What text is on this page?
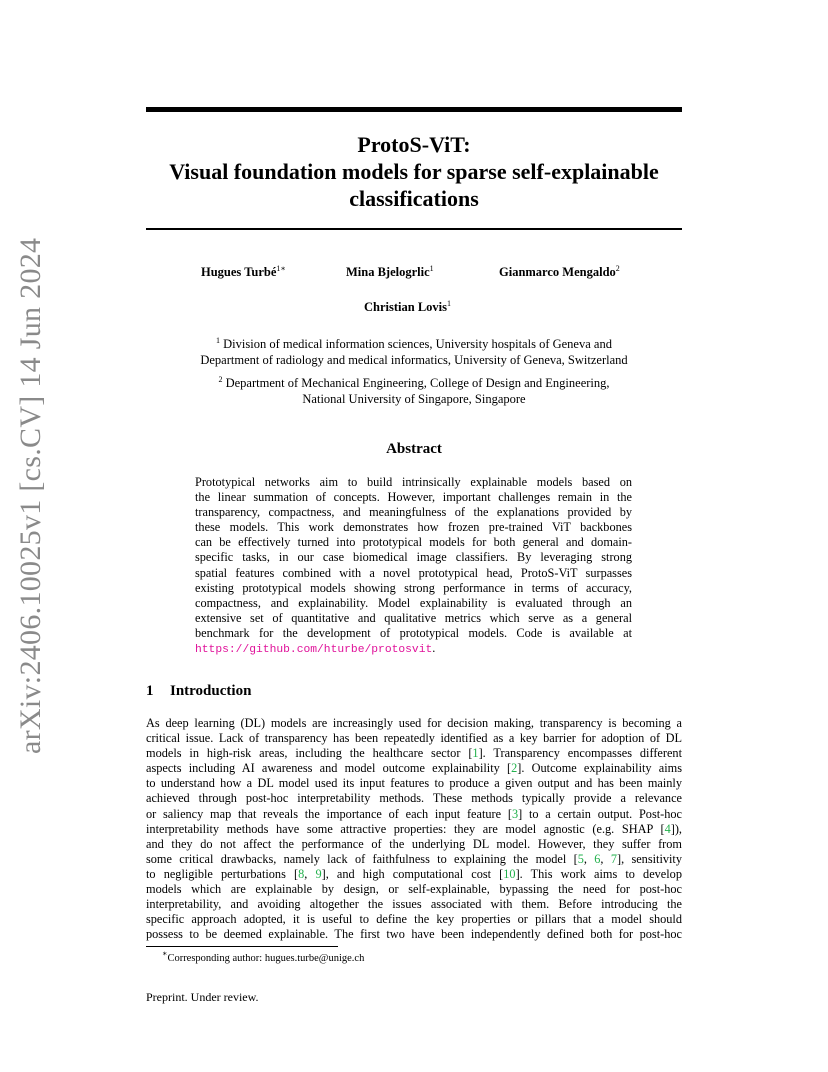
arXiv:2406.10025v1 [cs.CV] 14 Jun 2024
ProtoS-ViT:
Visual foundation models for sparse self-explainable
classifications
Hugues Turbé$^{1∗}$	Mina Bjelogrlic$^1$	Gianmarco Mengaldo$^2$
Christian Lovis$^1$
$^1$ Division of medical information sciences, University hospitals of Geneva and
Department of radiology and medical informatics, University of Geneva, Switzerland
$^2$ Department of Mechanical Engineering, College of Design and Engineering,
National University of Singapore, Singapore
Abstract
Prototypical networks aim to build intrinsically explainable models based on
the linear summation of concepts. However, important challenges remain in the
transparency, compactness, and meaningfulness of the explanations provided by
these models. This work demonstrates how frozen pre-trained ViT backbones
can be effectively turned into prototypical models for both general and domain-
specific tasks, in our case biomedical image classifiers. By leveraging strong
spatial features combined with a novel prototypical head, ProtoS-ViT surpasses
existing prototypical models showing strong performance in terms of accuracy,
compactness, and explainability. Model explainability is evaluated through an
extensive set of quantitative and qualitative metrics which serve as a general
benchmark for the development of prototypical models. Code is available at
https://github.com/hturbe/protosvit.
1 Introduction
As deep learning (DL) models are increasingly used for decision making, transparency is becoming a
critical issue. Lack of transparency has been repeatedly identified as a key barrier for adoption of DL
models in high-risk areas, including the healthcare sector [1]. Transparency encompasses different
aspects including AI awareness and model outcome explainability [2]. Outcome explainability aims
to understand how a DL model used its input features to produce a given output and has been mainly
achieved through post-hoc interpretability methods. These methods typically provide a relevance
or saliency map that reveals the importance of each input feature [3] to a certain output. Post-hoc
interpretability methods have some attractive properties: they are model agnostic (e.g. SHAP [4]),
and they do not affect the performance of the underlying DL model. However, they suffer from
some critical drawbacks, namely lack of faithfulness to explaining the model [5, 6, 7], sensitivity
to negligible perturbations [8, 9], and high computational cost [10]. This work aims to develop
models which are explainable by design, or self-explainable, bypassing the need for post-hoc
interpretability, and avoiding altogether the issues associated with them. Before introducing the
specific approach adopted, it is useful to define the key properties or pillars that a model should
possess to be deemed explainable. The first two have been independently defined both for post-hoc
∗Corresponding author: hugues.turbe@unige.ch
Preprint. Under review.
